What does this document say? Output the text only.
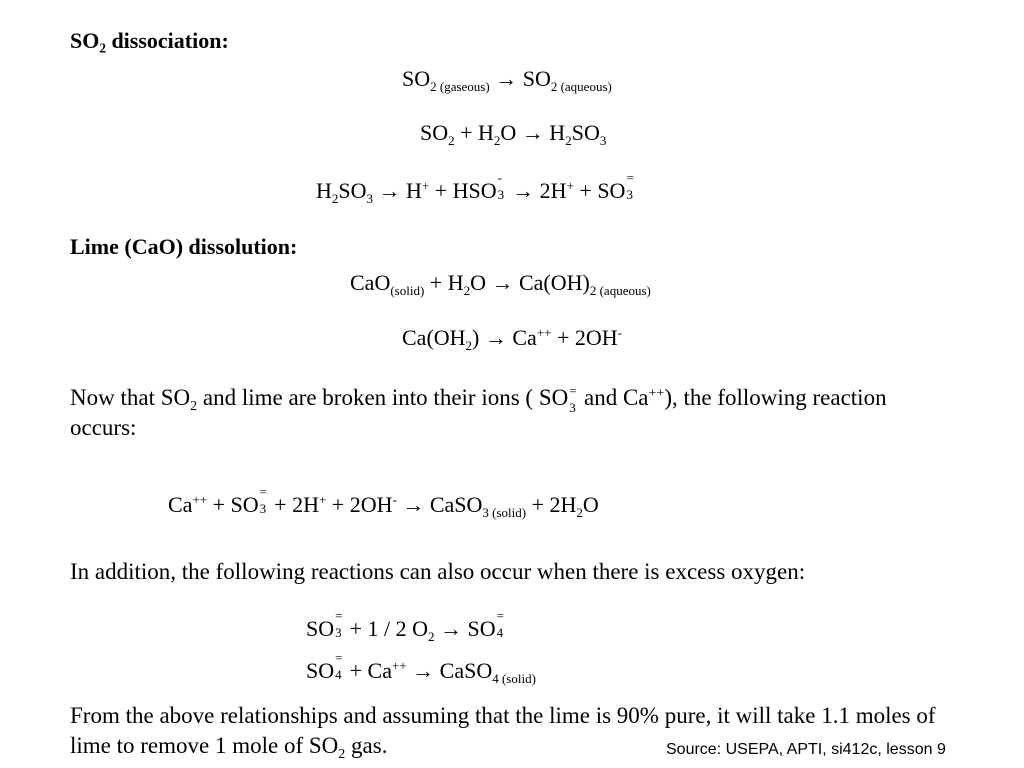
SO₂ dissociation:
$SO_{2 (gaseous)} \to SO_{2 (aqueous)}$
$SO_2 + H_2O \to H_2SO_3$
$H_2SO_3 \to H^+$ + HSO
-
3 → 2H+ + SO
=
3
Lime (CaO) dissolution:
$CaO_{(solid)} + H_2O \to Ca(OH)_{2 (aqueous)}$
$Ca(OH_2) \to Ca^{++} + 2OH^-$
Now that $SO_2$ and lime are broken into their ions ( SO =
3 and Ca++), the following reaction occurs:
Ca++ + SO
=
3 + 2H+ + 2OH- → CaSO$_{3 (solid)}$ + $2H_2O$
In addition, the following reactions can also occur when there is excess oxygen:
SO
=
3 + 1 / 2 $O_2$ → SO
=
4
SO
=
4 + Ca++ → CaSO$_{4 (solid)}$
From the above relationships and assuming that the lime is 90% pure, it will take 1.1 moles of lime to remove 1 mole of $SO_2$ gas.	Source: USEPA, APTI, si412c, lesson 9
